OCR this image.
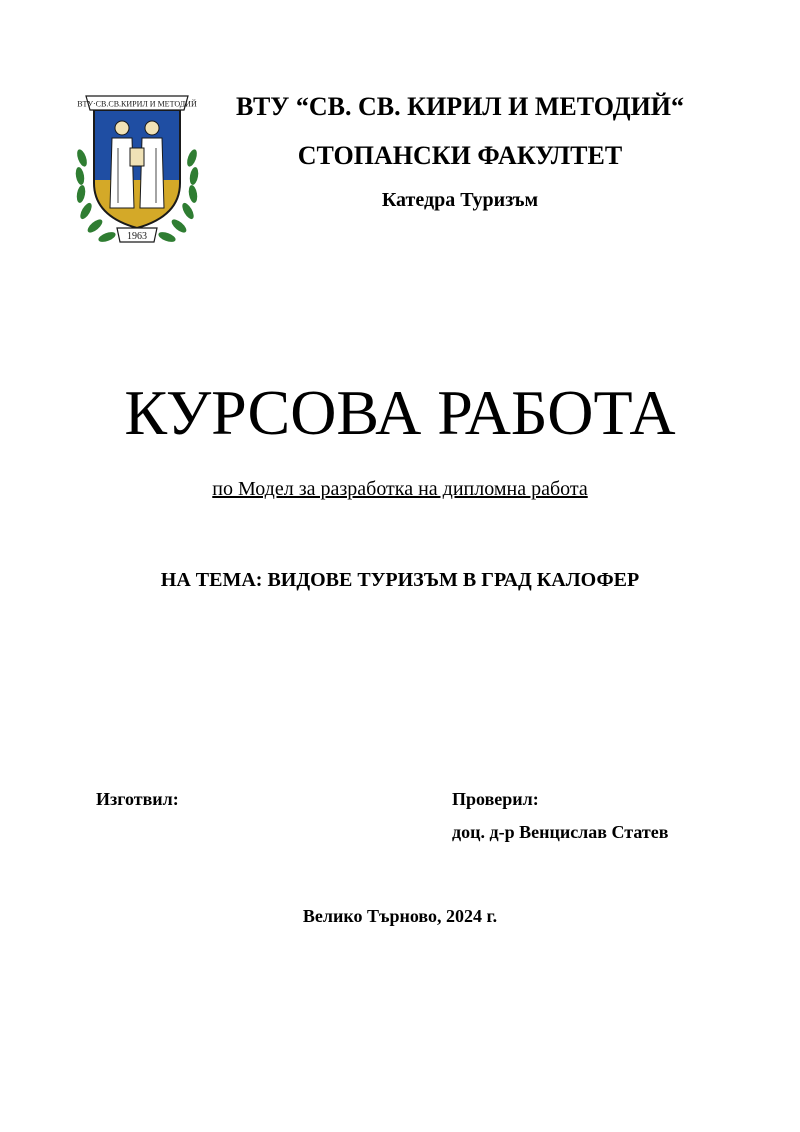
ВТУ·СВ.СВ.КИРИЛ И МЕТОДИЙ
1963
ВТУ “СВ. СВ. КИРИЛ И МЕТОДИЙ“
СТОПАНСКИ ФАКУЛТЕТ
Катедра Туризъм
КУРСОВА РАБОТА
по Модел за разработка на дипломна работа
НА ТЕМА: ВИДОВЕ ТУРИЗЪМ В ГРАД КАЛОФЕР
Изготвил:	Проверил:
доц. д-р Венцислав Статев
Велико Търново, 2024 г.
